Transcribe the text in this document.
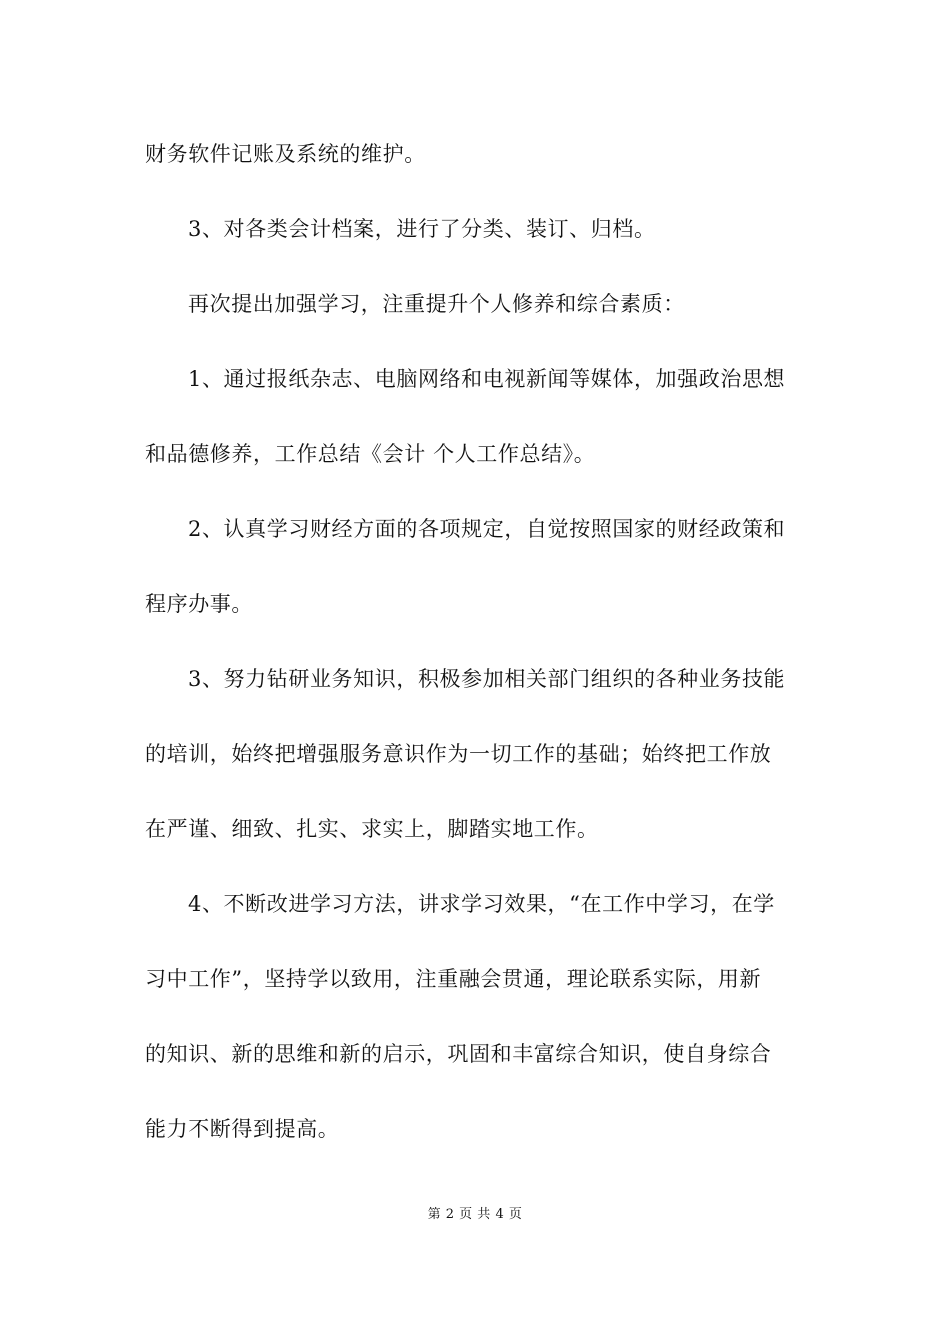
财务软件记账及系统的维护。
3、对各类会计档案，进行了分类、装订、归档。
再次提出加强学习，注重提升个人修养和综合素质：
1、通过报纸杂志、电脑网络和电视新闻等媒体，加强政治思想
和品德修养，工作总结《会计 个人工作总结》。
2、认真学习财经方面的各项规定，自觉按照国家的财经政策和
程序办事。
3、努力钻研业务知识，积极参加相关部门组织的各种业务技能
的培训，始终把增强服务意识作为一切工作的基础；始终把工作放
在严谨、细致、扎实、求实上，脚踏实地工作。
4、不断改进学习方法，讲求学习效果，“在工作中学习，在学
习中工作”，坚持学以致用，注重融会贯通，理论联系实际，用新
的知识、新的思维和新的启示，巩固和丰富综合知识，使自身综合
能力不断得到提高。
第 2 页 共 4 页
